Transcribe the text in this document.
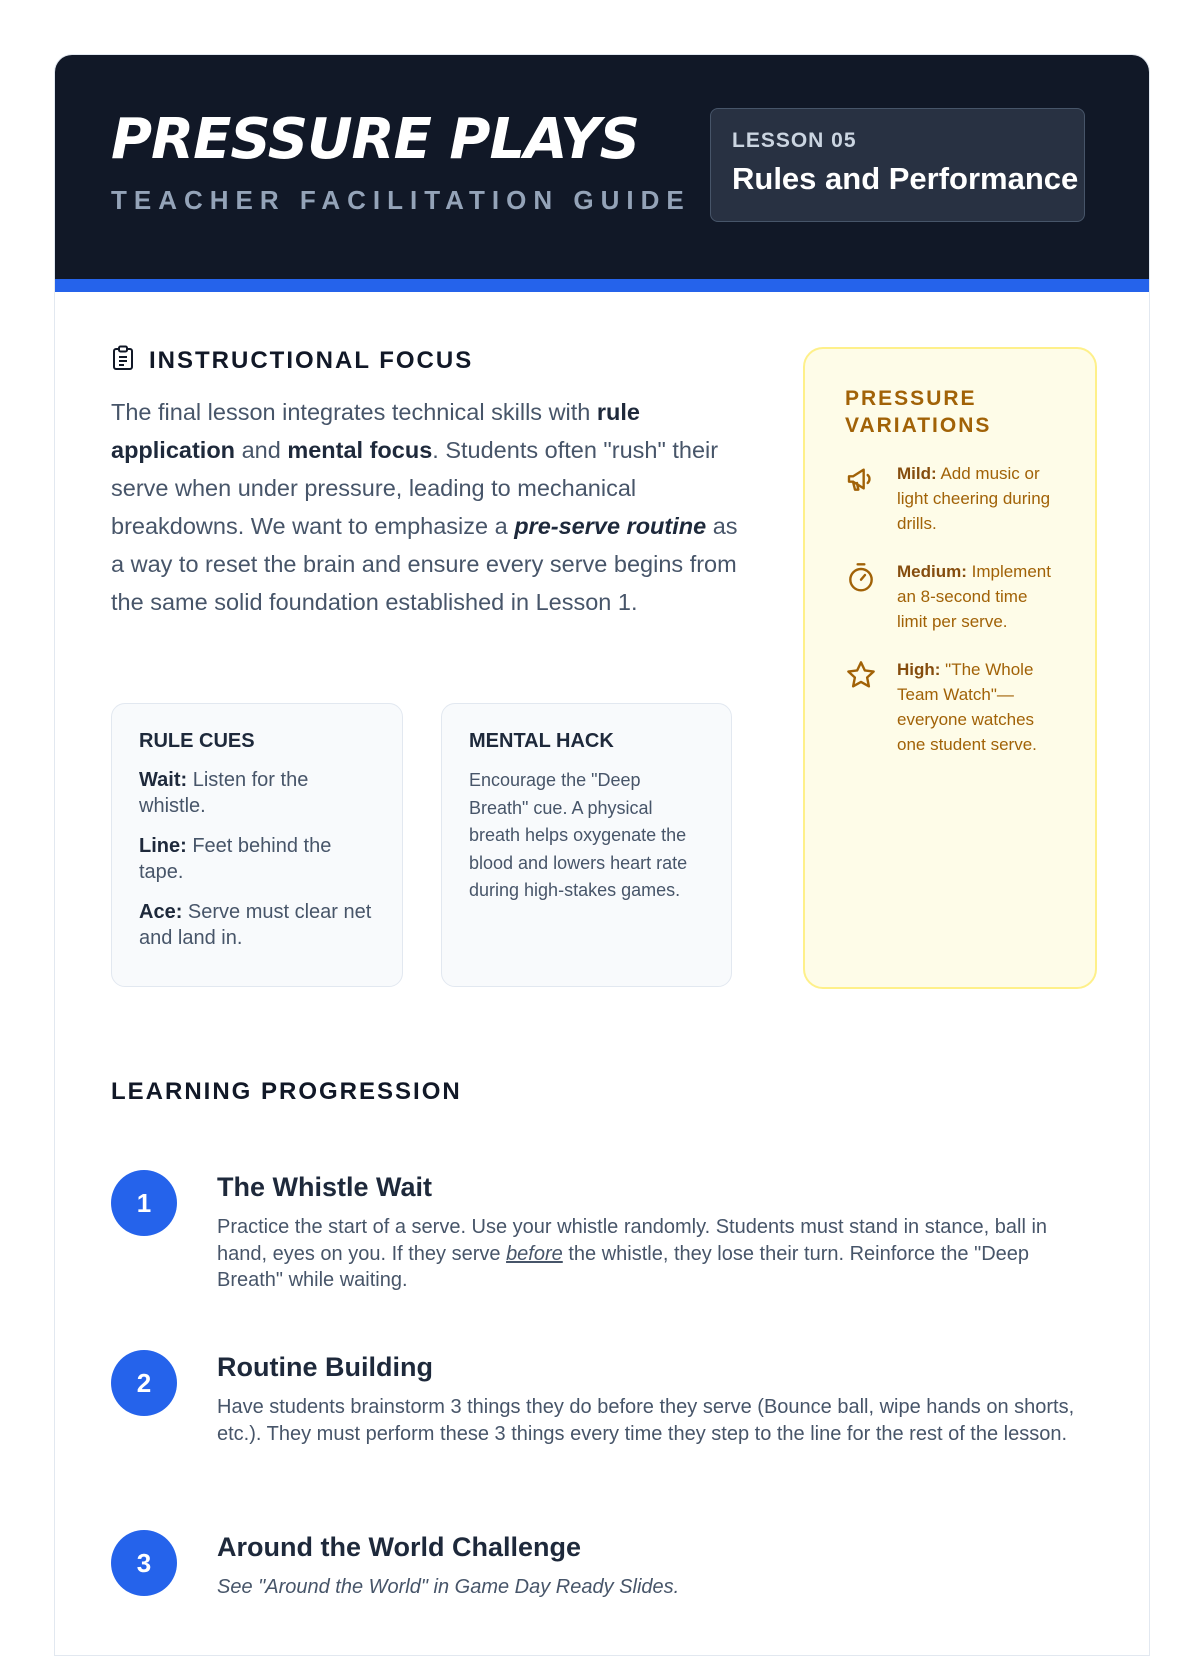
PRESSURE PLAYS
TEACHER FACILITATION GUIDE
LESSON 05
Rules and Performance
INSTRUCTIONAL FOCUS

The final lesson integrates technical skills with rule application and mental focus. Students often "rush" their serve when under pressure, leading to mechanical breakdowns. We want to emphasize a pre-serve routine as a way to reset the brain and ensure every serve begins from the same solid foundation established in Lesson 1.

RULE CUES
Wait: Listen for the whistle.
Line: Feet behind the tape.
Ace: Serve must clear net and land in.
MENTAL HACK

Encourage the "Deep Breath" cue. A physical breath helps oxygenate the blood and lowers heart rate during high-stakes games.

PRESSURE VARIATIONS
Mild: Add music or light cheering during drills.
Medium: Implement an 8-second time limit per serve.
High: "The Whole Team Watch"—everyone watches one student serve.
LEARNING PROGRESSION
1
The Whistle Wait

Practice the start of a serve. Use your whistle randomly. Students must stand in stance, ball in hand, eyes on you. If they serve before the whistle, they lose their turn. Reinforce the "Deep Breath" while waiting.

2
Routine Building

Have students brainstorm 3 things they do before they serve (Bounce ball, wipe hands on shorts, etc.). They must perform these 3 things every time they step to the line for the rest of the lesson.

3
Around the World Challenge

See "Around the World" in Game Day Ready Slides.
